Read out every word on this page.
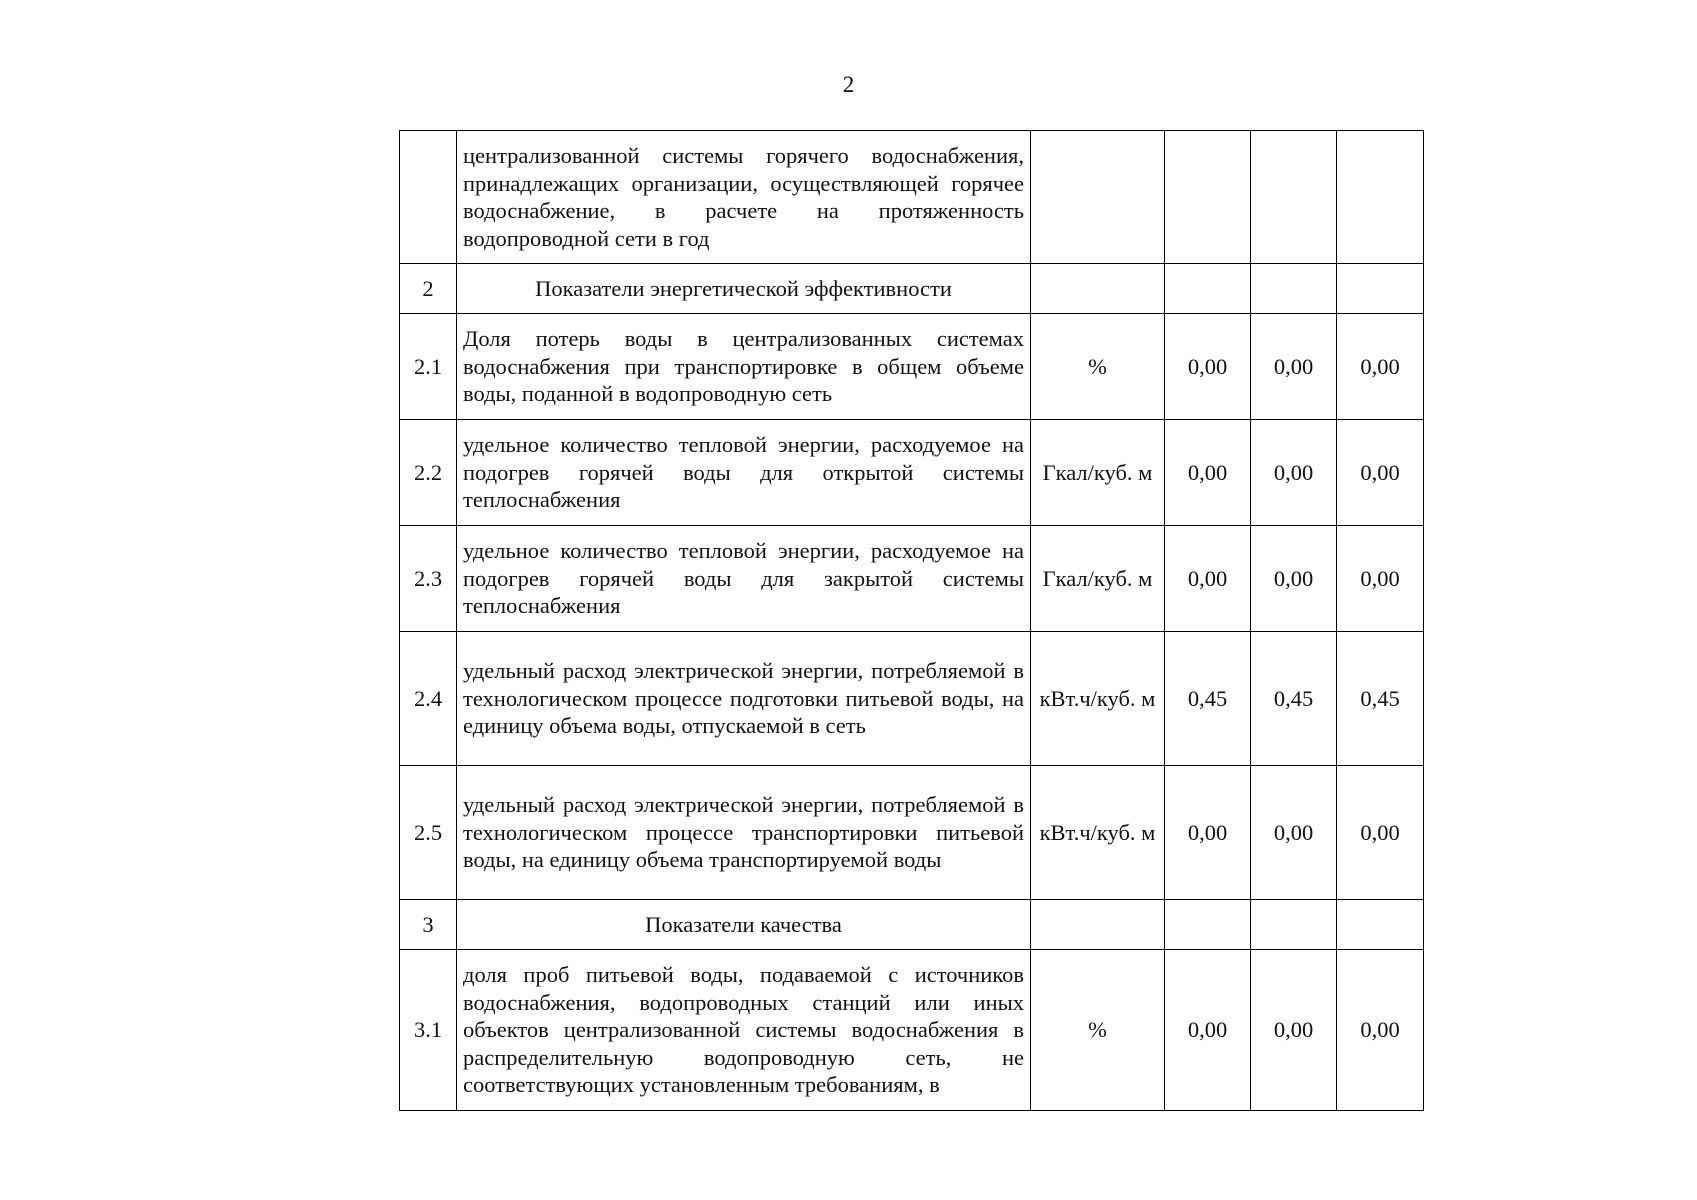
2
	централизованной системы горячего водоснабжения, принадлежащих организации, осуществляющей горячее водоснабжение, в расчете на протяженность водопроводной сети в год				
2	Показатели энергетической эффективности				
2.1	Доля потерь воды в централизованных системах водоснабжения при транспортировке в общем объеме воды, поданной в водопроводную сеть	%	0,00	0,00	0,00
2.2	удельное количество тепловой энергии, расходуемое на подогрев горячей воды для открытой системы теплоснабжения	Гкал/куб. м	0,00	0,00	0,00
2.3	удельное количество тепловой энергии, расходуемое на подогрев горячей воды для закрытой системы теплоснабжения	Гкал/куб. м	0,00	0,00	0,00
2.4	удельный расход электрической энергии, потребляемой в технологическом процессе подготовки питьевой воды, на единицу объема воды, отпускаемой в сеть	кВт.ч/куб. м	0,45	0,45	0,45
2.5	удельный расход электрической энергии, потребляемой в технологическом процессе транспортировки питьевой воды, на единицу объема транспортируемой воды	кВт.ч/куб. м	0,00	0,00	0,00
3	Показатели качества				
3.1	доля проб питьевой воды, подаваемой с источников водоснабжения, водопроводных станций или иных объектов централизованной системы водоснабжения в распределительную водопроводную сеть, не соответствующих установленным требованиям, в	%	0,00	0,00	0,00
